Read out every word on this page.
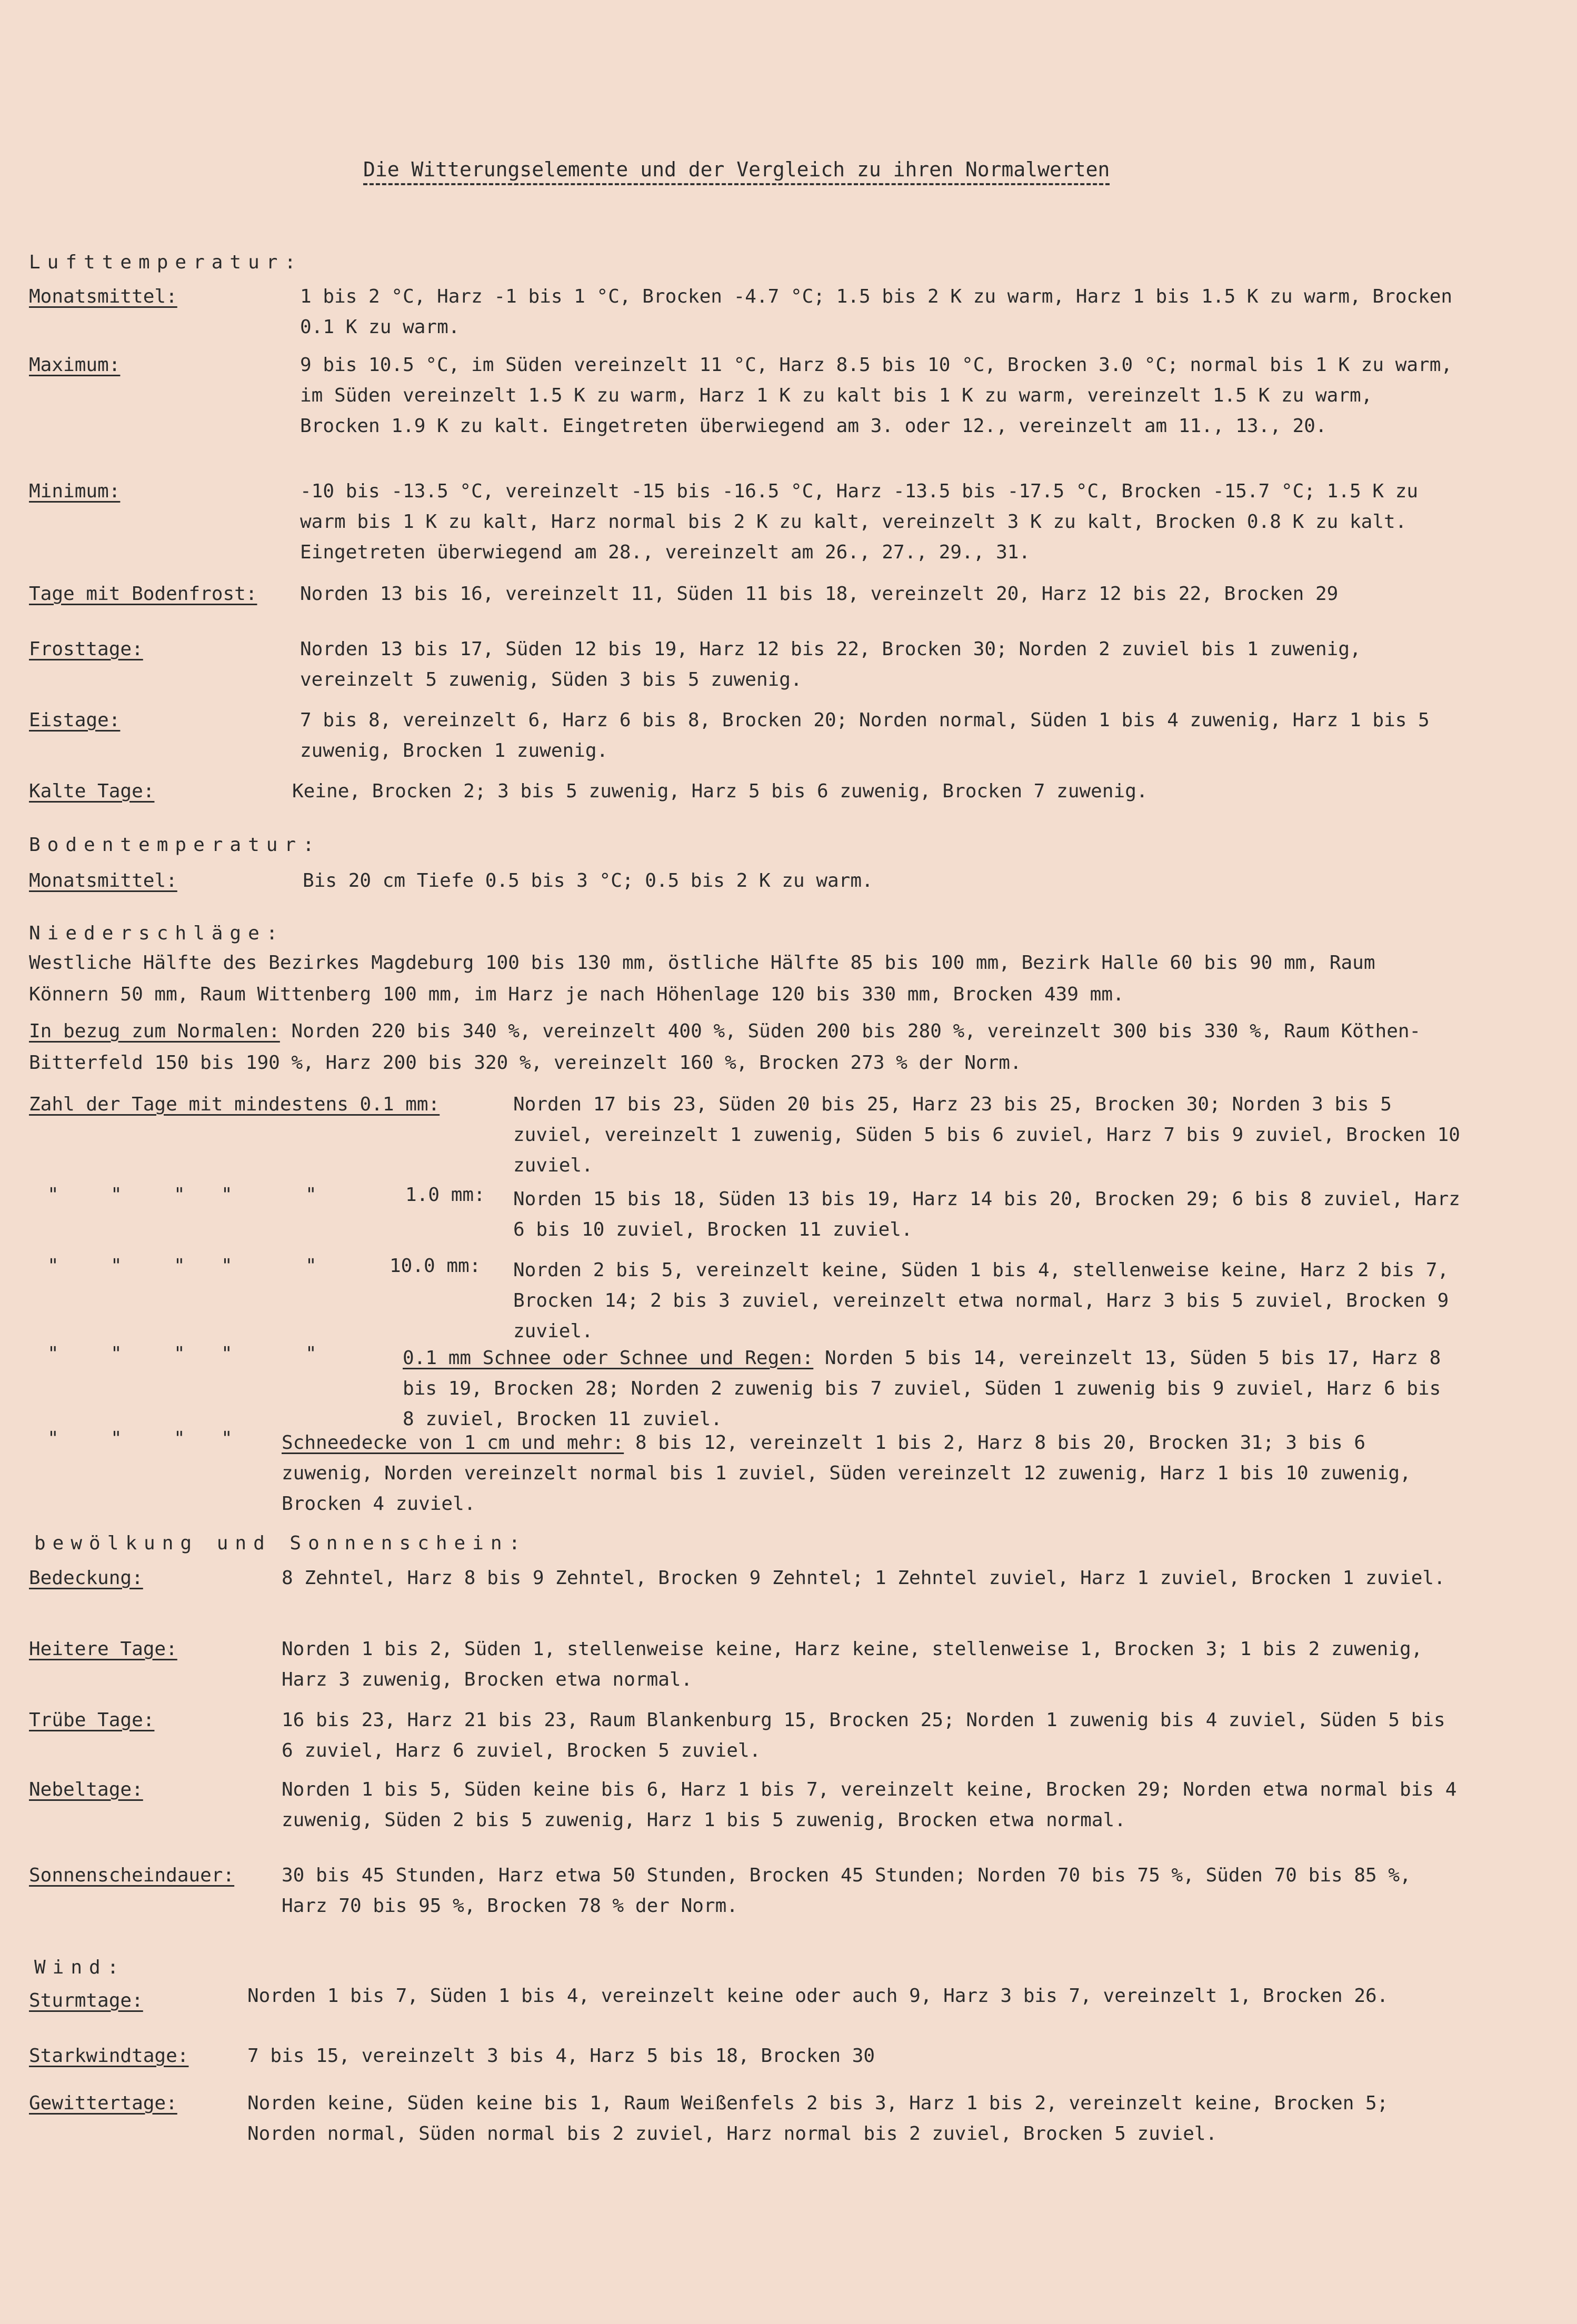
Die Witterungselemente und der Vergleich zu ihren Normalwerten
Lufttemperatur:
Monatsmittel:	1 bis 2 °C, Harz -1 bis 1 °C, Brocken -4.7 °C; 1.5 bis 2 K zu warm, Harz 1 bis 1.5 K zu warm, Brocken 0.1 K zu warm.
Maximum:	9 bis 10.5 °C, im Süden vereinzelt 11 °C, Harz 8.5 bis 10 °C, Brocken 3.0 °C; normal bis 1 K zu warm, im Süden vereinzelt 1.5 K zu warm, Harz 1 K zu kalt bis 1 K zu warm, vereinzelt 1.5 K zu warm, Brocken 1.9 K zu kalt. Eingetreten überwiegend am 3. oder 12., vereinzelt am 11., 13., 20.
Minimum:	-10 bis -13.5 °C, vereinzelt -15 bis -16.5 °C, Harz -13.5 bis -17.5 °C, Brocken -15.7 °C; 1.5 K zu warm bis 1 K zu kalt, Harz normal bis 2 K zu kalt, vereinzelt 3 K zu kalt, Brocken 0.8 K zu kalt. Eingetreten überwiegend am 28., vereinzelt am 26., 27., 29., 31.
Tage mit Bodenfrost: Norden 13 bis 16, vereinzelt 11, Süden 11 bis 18, vereinzelt 20, Harz 12 bis 22, Brocken 29
Frosttage:	Norden 13 bis 17, Süden 12 bis 19, Harz 12 bis 22, Brocken 30; Norden 2 zuviel bis 1 zuwenig, vereinzelt 5 zuwenig, Süden 3 bis 5 zuwenig.
Eistage:	7 bis 8, vereinzelt 6, Harz 6 bis 8, Brocken 20; Norden normal, Süden 1 bis 4 zuwenig, Harz 1 bis 5 zuwenig, Brocken 1 zuwenig.
Kalte Tage:	Keine, Brocken 2; 3 bis 5 zuwenig, Harz 5 bis 6 zuwenig, Brocken 7 zuwenig.
Bodentemperatur:
Monatsmittel:	Bis 20 cm Tiefe 0.5 bis 3 °C; 0.5 bis 2 K zu warm.
Niederschläge:
Westliche Hälfte des Bezirkes Magdeburg 100 bis 130 mm, östliche Hälfte 85 bis 100 mm, Bezirk Halle 60 bis 90 mm, Raum Könnern 50 mm, Raum Wittenberg 100 mm, im Harz je nach Höhenlage 120 bis 330 mm, Brocken 439 mm.
In bezug zum Normalen: Norden 220 bis 340 %, vereinzelt 400 %, Süden 200 bis 280 %, vereinzelt 300 bis 330 %, Raum Köthen-Bitterfeld 150 bis 190 %, Harz 200 bis 320 %, vereinzelt 160 %, Brocken 273 % der Norm.
Zahl der Tage mit mindestens 0.1 mm:	Norden 17 bis 23, Süden 20 bis 25, Harz 23 bis 25, Brocken 30; Norden 3 bis 5 zuviel, vereinzelt 1 zuwenig, Süden 5 bis 6 zuviel, Harz 7 bis 9 zuviel, Brocken 10 zuviel.
"	"	" "	"	1.0 mm: Norden 15 bis 18, Süden 13 bis 19, Harz 14 bis 20, Brocken 29; 6 bis 8 zuviel, Harz 6 bis 10 zuviel, Brocken 11 zuviel.
"	"	" "	"	10.0 mm: Norden 2 bis 5, vereinzelt keine, Süden 1 bis 4, stellenweise keine, Harz 2 bis 7, Brocken 14; 2 bis 3 zuviel, vereinzelt etwa normal, Harz 3 bis 5 zuviel, Brocken 9 zuviel.
"	"	" "	"	0.1 mm Schnee oder Schnee und Regen: Norden 5 bis 14, vereinzelt 13, Süden 5 bis 17, Harz 8 bis 19, Brocken 28; Norden 2 zuwenig bis 7 zuviel, Süden 1 zuwenig bis 9 zuviel, Harz 6 bis 8 zuviel, Brocken 11 zuviel.
"	"	" "	Schneedecke von 1 cm und mehr: 8 bis 12, vereinzelt 1 bis 2, Harz 8 bis 20, Brocken 31; 3 bis 6 zuwenig, Norden vereinzelt normal bis 1 zuviel, Süden vereinzelt 12 zuwenig, Harz 1 bis 10 zuwenig, Brocken 4 zuviel.
bewölkung und Sonnenschein:
Bedeckung:	8 Zehntel, Harz 8 bis 9 Zehntel, Brocken 9 Zehntel; 1 Zehntel zuviel, Harz 1 zuviel, Brocken 1 zuviel.
Heitere Tage:	Norden 1 bis 2, Süden 1, stellenweise keine, Harz keine, stellenweise 1, Brocken 3; 1 bis 2 zuwenig, Harz 3 zuwenig, Brocken etwa normal.
Trübe Tage:	16 bis 23, Harz 21 bis 23, Raum Blankenburg 15, Brocken 25; Norden 1 zuwenig bis 4 zuviel, Süden 5 bis 6 zuviel, Harz 6 zuviel, Brocken 5 zuviel.
Nebeltage:	Norden 1 bis 5, Süden keine bis 6, Harz 1 bis 7, vereinzelt keine, Brocken 29; Norden etwa normal bis 4 zuwenig, Süden 2 bis 5 zuwenig, Harz 1 bis 5 zuwenig, Brocken etwa normal.
Sonnenscheindauer: 30 bis 45 Stunden, Harz etwa 50 Stunden, Brocken 45 Stunden; Norden 70 bis 75 %, Süden 70 bis 85 %, Harz 70 bis 95 %, Brocken 78 % der Norm.
Wind:
Sturmtage:	Norden 1 bis 7, Süden 1 bis 4, vereinzelt keine oder auch 9, Harz 3 bis 7, vereinzelt 1, Brocken 26.
Starkwindtage:	7 bis 15, vereinzelt 3 bis 4, Harz 5 bis 18, Brocken 30
Gewittertage:	Norden keine, Süden keine bis 1, Raum Weißenfels 2 bis 3, Harz 1 bis 2, vereinzelt keine, Brocken 5; Norden normal, Süden normal bis 2 zuviel, Harz normal bis 2 zuviel, Brocken 5 zuviel.
